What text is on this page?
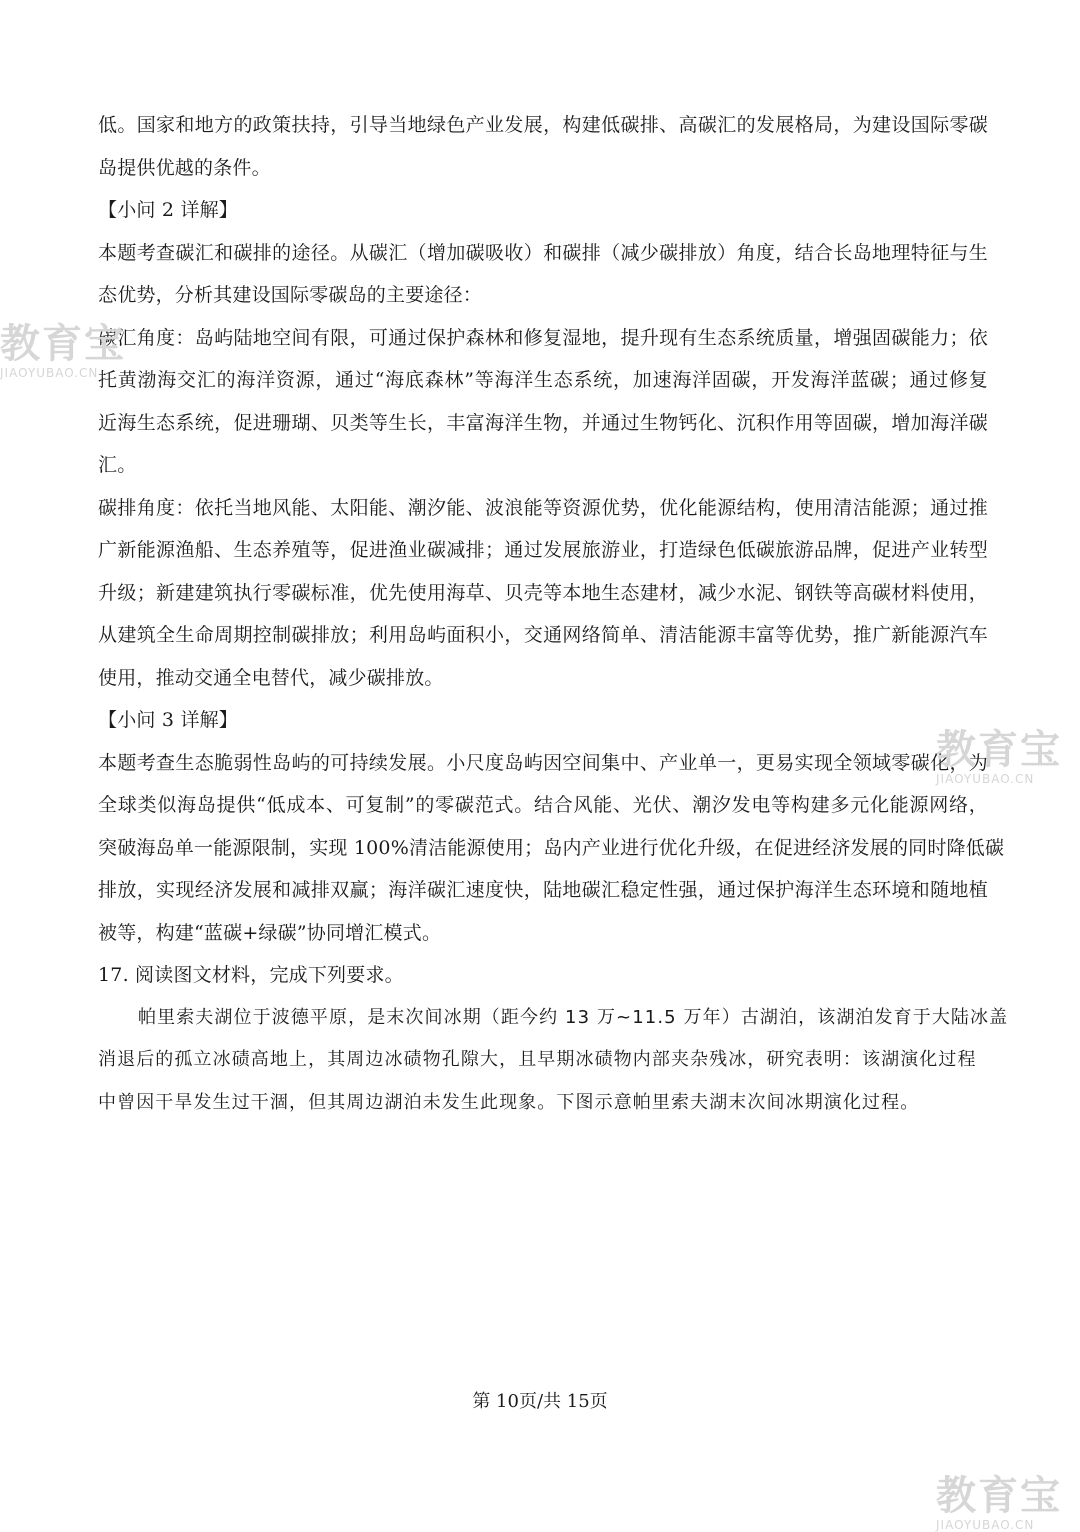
低。国家和地方的政策扶持，引导当地绿色产业发展，构建低碳排、高碳汇的发展格局，为建设国际零碳
岛提供优越的条件。
【小问 2 详解】
本题考查碳汇和碳排的途径。从碳汇（增加碳吸收）和碳排（减少碳排放）角度，结合长岛地理特征与生
态优势，分析其建设国际零碳岛的主要途径：
碳汇角度：岛屿陆地空间有限，可通过保护森林和修复湿地，提升现有生态系统质量，增强固碳能力；依
托黄渤海交汇的海洋资源，通过“海底森林”等海洋生态系统，加速海洋固碳，开发海洋蓝碳；通过修复
近海生态系统，促进珊瑚、贝类等生长，丰富海洋生物，并通过生物钙化、沉积作用等固碳，增加海洋碳
汇。
碳排角度：依托当地风能、太阳能、潮汐能、波浪能等资源优势，优化能源结构，使用清洁能源；通过推
广新能源渔船、生态养殖等，促进渔业碳减排；通过发展旅游业，打造绿色低碳旅游品牌，促进产业转型
升级；新建建筑执行零碳标准，优先使用海草、贝壳等本地生态建材，减少水泥、钢铁等高碳材料使用，
从建筑全生命周期控制碳排放；利用岛屿面积小，交通网络简单、清洁能源丰富等优势，推广新能源汽车
使用，推动交通全电替代，减少碳排放。
【小问 3 详解】
本题考查生态脆弱性岛屿的可持续发展。小尺度岛屿因空间集中、产业单一，更易实现全领域零碳化，为
全球类似海岛提供“低成本、可复制”的零碳范式。结合风能、光伏、潮汐发电等构建多元化能源网络，
突破海岛单一能源限制，实现 100%清洁能源使用；岛内产业进行优化升级，在促进经济发展的同时降低碳
排放，实现经济发展和减排双赢；海洋碳汇速度快，陆地碳汇稳定性强，通过保护海洋生态环境和随地植
被等，构建“蓝碳+绿碳”协同增汇模式。
17. 阅读图文材料，完成下列要求。
帕里索夫湖位于波德平原，是末次间冰期（距今约 13 万~11.5 万年）古湖泊，该湖泊发育于大陆冰盖
消退后的孤立冰碛高地上，其周边冰碛物孔隙大，且早期冰碛物内部夹杂残冰，研究表明：该湖演化过程
中曾因干旱发生过干涸，但其周边湖泊未发生此现象。下图示意帕里索夫湖末次间冰期演化过程。
第 10页/共 15页
教育宝
JIAOYUBAO.CN
教育宝
JIAOYUBAO.CN
教育宝
JIAOYUBAO.CN
